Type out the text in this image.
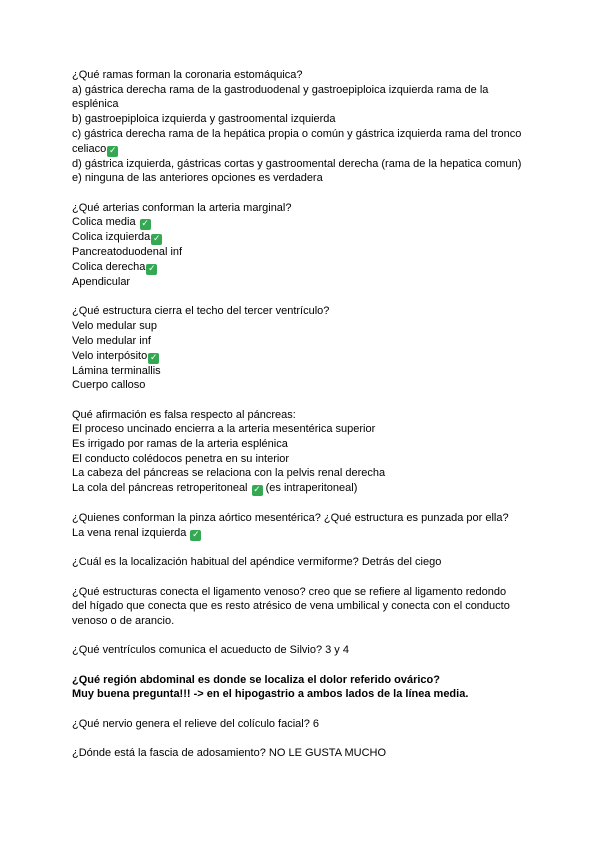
¿Qué ramas forman la coronaria estomáquica?
a) gástrica derecha rama de la gastroduodenal y gastroepiploica izquierda rama de la
esplénica
b) gastroepiploica izquierda y gastroomental izquierda
c) gástrica derecha rama de la hepática propia o común y gástrica izquierda rama del tronco
celiaco ✓
d) gástrica izquierda, gástricas cortas y gastroomental derecha (rama de la hepatica comun)
e) ninguna de las anteriores opciones es verdadera
¿Qué arterias conforman la arteria marginal?
Colica media ✓
Colica izquierda ✓
Pancreatoduodenal inf
Colica derecha ✓
Apendicular
¿Qué estructura cierra el techo del tercer ventrículo?
Velo medular sup
Velo medular inf
Velo interpósito ✓
Lámina terminallis
Cuerpo calloso
Qué afirmación es falsa respecto al páncreas:
El proceso uncinado encierra a la arteria mesentérica superior
Es irrigado por ramas de la arteria esplénica
El conducto colédocos penetra en su interior
La cabeza del páncreas se relaciona con la pelvis renal derecha
La cola del páncreas retroperitoneal ✓ (es intraperitoneal)
¿Quienes conforman la pinza aórtico mesentérica? ¿Qué estructura es punzada por ella?
La vena renal izquierda ✓
¿Cuál es la localización habitual del apéndice vermiforme? Detrás del ciego
¿Qué estructuras conecta el ligamento venoso? creo que se refiere al ligamento redondo
del hígado que conecta que es resto atrésico de vena umbilical y conecta con el conducto
venoso o de arancio.
¿Qué ventrículos comunica el acueducto de Silvio? 3 y 4
¿Qué región abdominal es donde se localiza el dolor referido ovárico?
Muy buena pregunta!!! -> en el hipogastrio a ambos lados de la línea media.
¿Qué nervio genera el relieve del colículo facial? 6
¿Dónde está la fascia de adosamiento? NO LE GUSTA MUCHO
